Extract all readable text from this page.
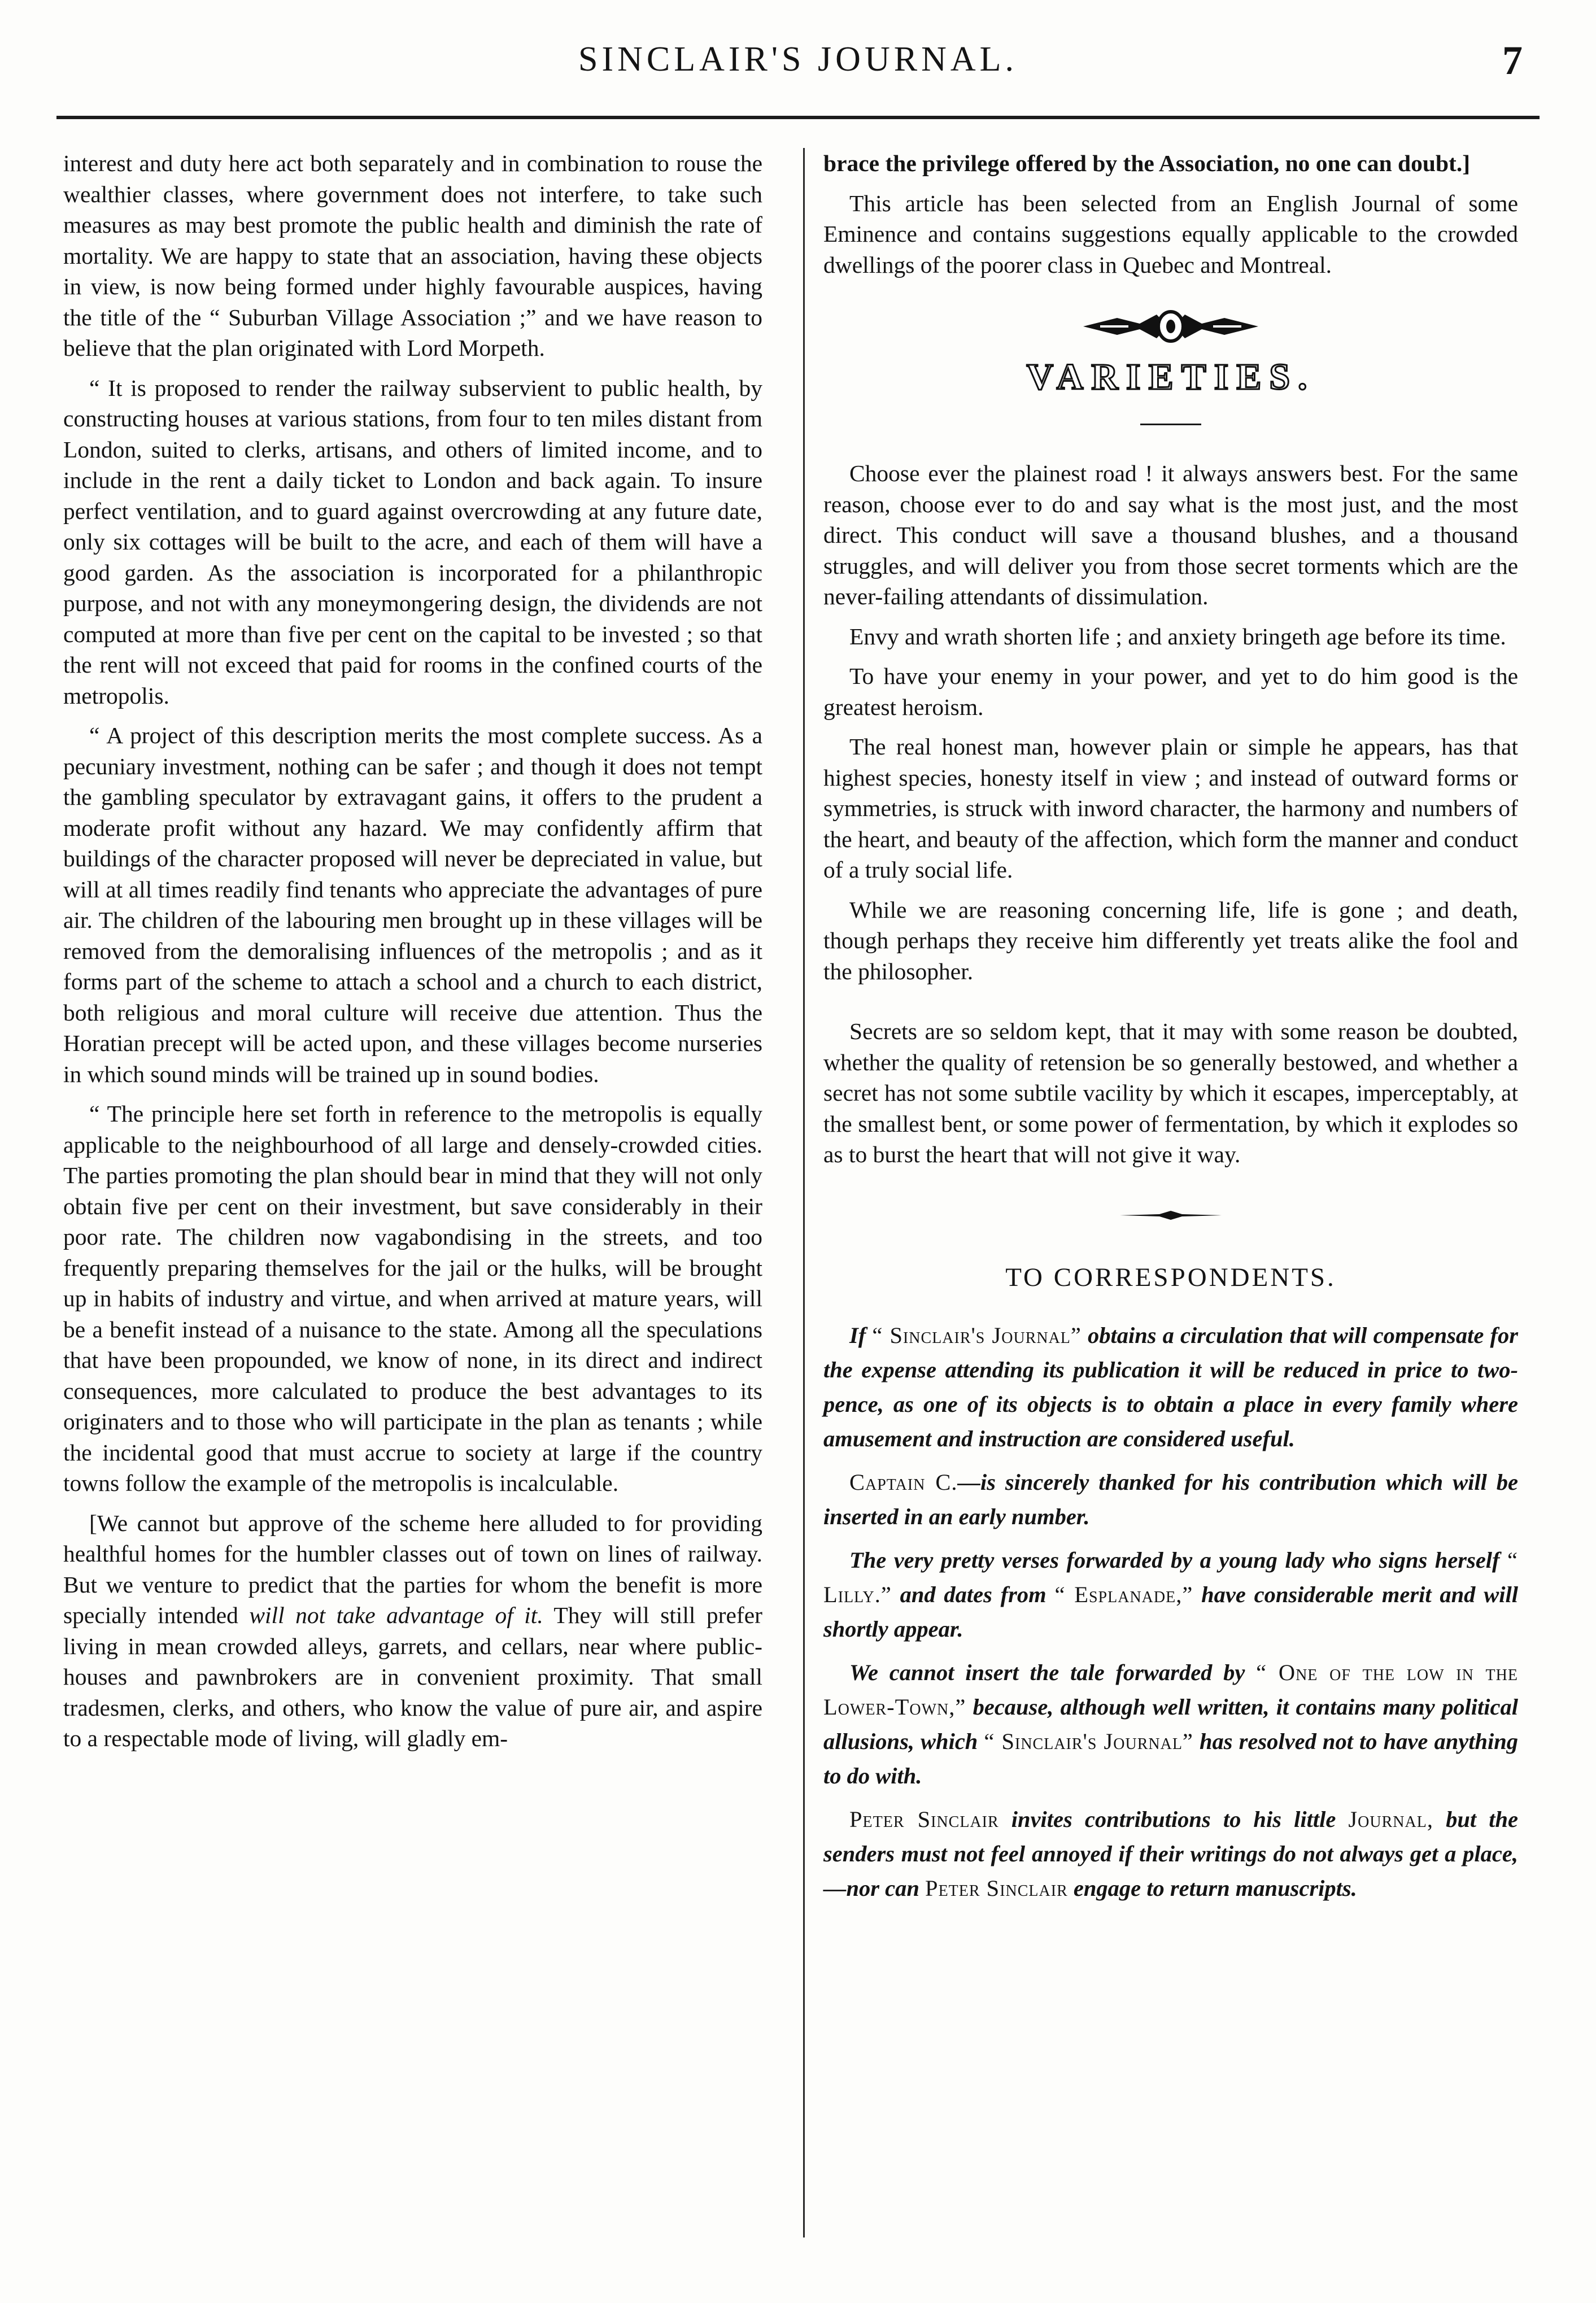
SINCLAIR'S JOURNAL.	7

interest and duty here act both separately and in combination to rouse the wealthier classes, where government does not interfere, to take such measures as may best promote the public health and diminish the rate of mortality. We are happy to state that an association, having these objects in view, is now being formed under highly favourable auspices, having the title of the “ Suburban Village Association ;” and we have reason to believe that the plan originated with Lord Morpeth.

“ It is proposed to render the railway subservient to public health, by constructing houses at various stations, from four to ten miles distant from London, suited to clerks, artisans, and others of limited income, and to include in the rent a daily ticket to London and back again. To insure perfect ventilation, and to guard against overcrowding at any future date, only six cottages will be built to the acre, and each of them will have a good garden. As the association is incorporated for a philanthropic purpose, and not with any moneymongering design, the dividends are not computed at more than five per cent on the capital to be invested ; so that the rent will not exceed that paid for rooms in the confined courts of the metropolis.

“ A project of this description merits the most complete success. As a pecuniary investment, nothing can be safer ; and though it does not tempt the gambling speculator by extravagant gains, it offers to the prudent a moderate profit without any hazard. We may confidently affirm that buildings of the character proposed will never be depreciated in value, but will at all times readily find tenants who appreciate the advantages of pure air. The children of the labouring men brought up in these villages will be removed from the demoralising influences of the metropolis ; and as it forms part of the scheme to attach a school and a church to each district, both religious and moral culture will receive due attention. Thus the Horatian precept will be acted upon, and these villages become nurseries in which sound minds will be trained up in sound bodies.

“ The principle here set forth in reference to the metropolis is equally applicable to the neighbourhood of all large and densely-crowded cities. The parties promoting the plan should bear in mind that they will not only obtain five per cent on their investment, but save considerably in their poor rate. The children now vagabondising in the streets, and too frequently preparing themselves for the jail or the hulks, will be brought up in habits of industry and virtue, and when arrived at mature years, will be a benefit instead of a nuisance to the state. Among all the speculations that have been propounded, we know of none, in its direct and indirect consequences, more calculated to produce the best advantages to its originaters and to those who will participate in the plan as tenants ; while the incidental good that must accrue to society at large if the country towns follow the example of the metropolis is incalculable.

[We cannot but approve of the scheme here alluded to for providing healthful homes for the humbler classes out of town on lines of railway. But we venture to predict that the parties for whom the benefit is more specially intended will not take advantage of it. They will still prefer living in mean crowded alleys, garrets, and cellars, near where public-houses and pawnbrokers are in convenient proximity. That small tradesmen, clerks, and others, who know the value of pure air, and aspire to a respectable mode of living, will gladly em-

brace the privilege offered by the Association, no one can doubt.]

This article has been selected from an English Journal of some Eminence and contains suggestions equally applicable to the crowded dwellings of the poorer class in Quebec and Montreal.

VARIETIES.

Choose ever the plainest road ! it always answers best. For the same reason, choose ever to do and say what is the most just, and the most direct. This conduct will save a thousand blushes, and a thousand struggles, and will deliver you from those secret torments which are the never-failing attendants of dissimulation.

Envy and wrath shorten life ; and anxiety bringeth age before its time.

To have your enemy in your power, and yet to do him good is the greatest heroism.

The real honest man, however plain or simple he appears, has that highest species, honesty itself in view ; and instead of outward forms or symmetries, is struck with inword character, the harmony and numbers of the heart, and beauty of the affection, which form the manner and conduct of a truly social life.

While we are reasoning concerning life, life is gone ; and death, though perhaps they receive him differently yet treats alike the fool and the philosopher.

Secrets are so seldom kept, that it may with some reason be doubted, whether the quality of retension be so generally bestowed, and whether a secret has not some subtile vacility by which it escapes, imperceptably, at the smallest bent, or some power of fermentation, by which it explodes so as to burst the heart that will not give it way.

TO CORRESPONDENTS.

If “ Sinclair's Journal” obtains a circulation that will compensate for the expense attending its publication it will be reduced in price to two-pence, as one of its objects is to obtain a place in every family where amusement and instruction are considered useful.

Captain C.—is sincerely thanked for his contribution which will be inserted in an early number.

The very pretty verses forwarded by a young lady who signs herself “ Lilly.” and dates from “ Esplanade,” have considerable merit and will shortly appear.

We cannot insert the tale forwarded by “ One of the low in the Lower-Town,” because, although well written, it contains many political allusions, which “ Sinclair's Journal” has resolved not to have anything to do with.

Peter Sinclair invites contributions to his little Journal, but the senders must not feel annoyed if their writings do not always get a place,—nor can Peter Sinclair engage to return manuscripts.
